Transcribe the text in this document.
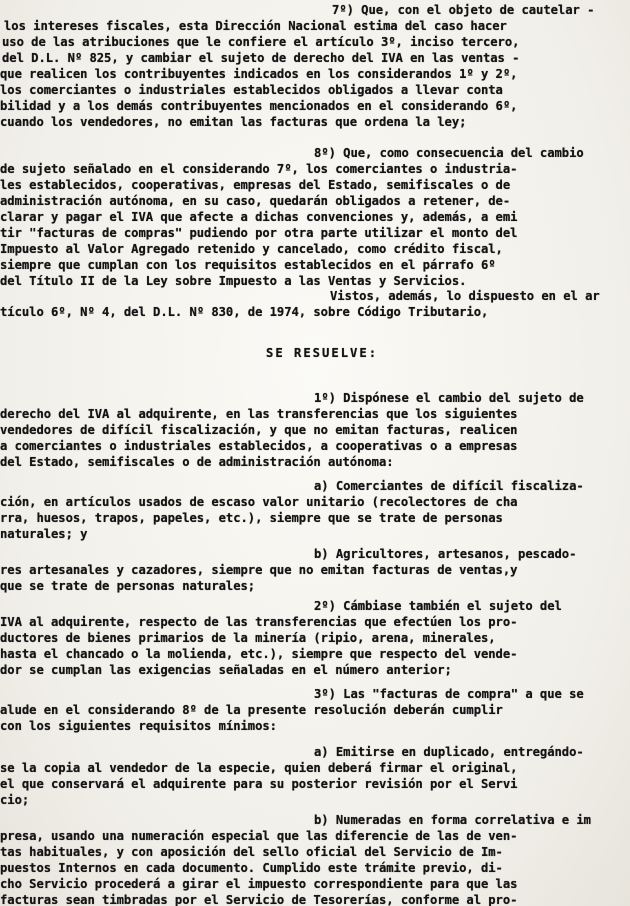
7º) Que, con el objeto de cautelar -
los intereses fiscales, esta Dirección Nacional estima del caso hacer
uso de las atribuciones que le confiere el artículo 3º, inciso tercero,
del D.L. Nº 825, y cambiar el sujeto de derecho del IVA en las ventas -
que realicen los contribuyentes indicados en los considerandos 1º y 2º,
los comerciantes o industriales establecidos obligados a llevar conta
bilidad y a los demás contribuyentes mencionados en el considerando 6º,
cuando los vendedores, no emitan las facturas que ordena la ley;
8º) Que, como consecuencia del cambio
de sujeto señalado en el considerando 7º, los comerciantes o industria-
les establecidos, cooperativas, empresas del Estado, semifiscales o de
administración autónoma, en su caso, quedarán obligados a retener, de-
clarar y pagar el IVA que afecte a dichas convenciones y, además, a emi
tir "facturas de compras" pudiendo por otra parte utilizar el monto del
Impuesto al Valor Agregado retenido y cancelado, como crédito fiscal,
siempre que cumplan con los requisitos establecidos en el párrafo 6º
del Título II de la Ley sobre Impuesto a las Ventas y Servicios.
Vistos, además, lo dispuesto en el ar
tículo 6º, Nº 4, del D.L. Nº 830, de 1974, sobre Código Tributario,
SE RESUELVE:
1º) Dispónese el cambio del sujeto de
derecho del IVA al adquirente, en las transferencias que los siguientes
vendedores de difícil fiscalización, y que no emitan facturas, realicen
a comerciantes o industriales establecidos, a cooperativas o a empresas
del Estado, semifiscales o de administración autónoma:
a) Comerciantes de difícil fiscaliza-
ción, en artículos usados de escaso valor unitario (recolectores de cha
rra, huesos, trapos, papeles, etc.), siempre que se trate de personas
naturales; y
b) Agricultores, artesanos, pescado-
res artesanales y cazadores, siempre que no emitan facturas de ventas,y
que se trate de personas naturales;
2º) Cámbiase también el sujeto del
IVA al adquirente, respecto de las transferencias que efectúen los pro-
ductores de bienes primarios de la minería (ripio, arena, minerales,
hasta el chancado o la molienda, etc.), siempre que respecto del vende-
dor se cumplan las exigencias señaladas en el número anterior;
3º) Las "facturas de compra" a que se
alude en el considerando 8º de la presente resolución deberán cumplir
con los siguientes requisitos mínimos:
a) Emitirse en duplicado, entregándo-
se la copia al vendedor de la especie, quien deberá firmar el original,
el que conservará el adquirente para su posterior revisión por el Servi
cio;
b) Numeradas en forma correlativa e im
presa, usando una numeración especial que las diferencie de las de ven-
tas habituales, y con aposición del sello oficial del Servicio de Im-
puestos Internos en cada documento. Cumplido este trámite previo, di-
cho Servicio procederá a girar el impuesto correspondiente para que las
facturas sean timbradas por el Servicio de Tesorerías, conforme al pro-
